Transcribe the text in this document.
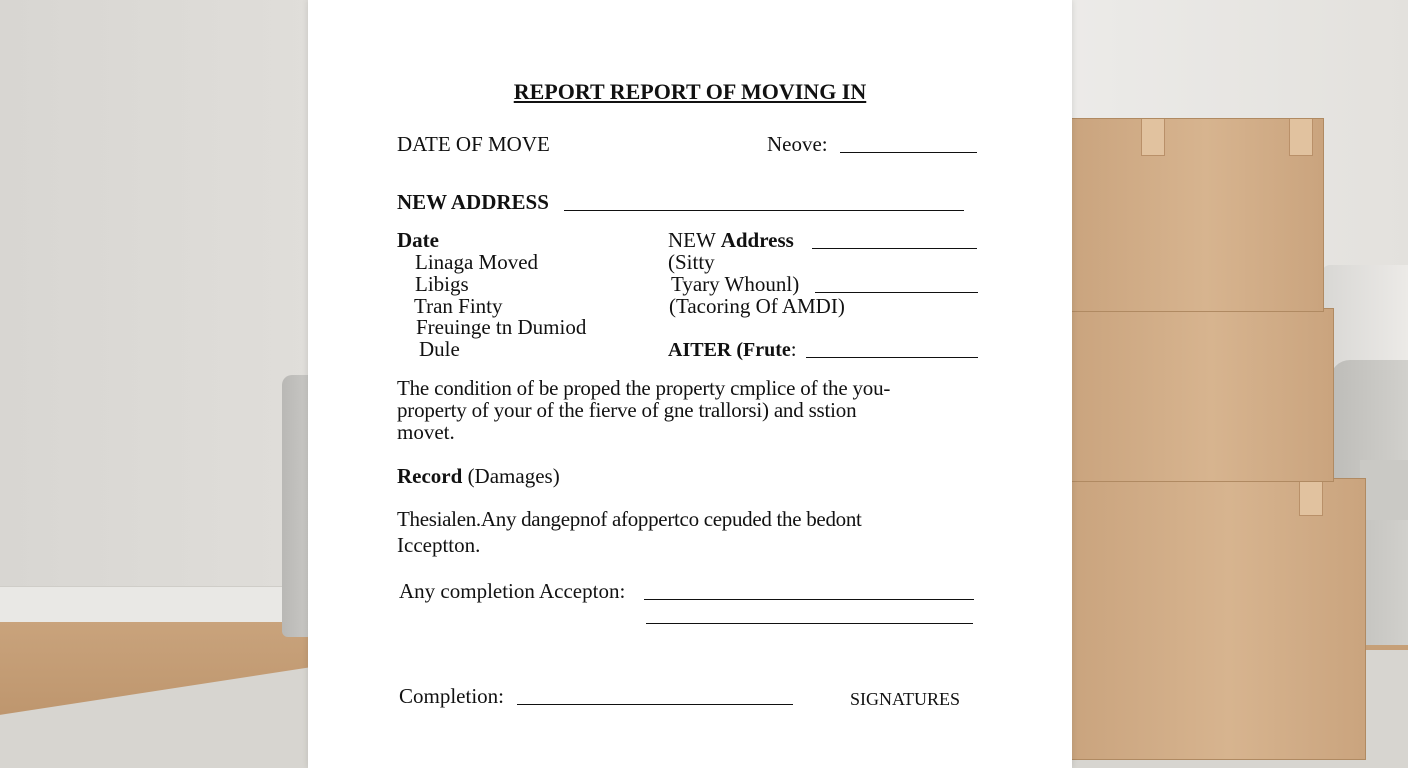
REPORT REPORT OF MOVING IN
DATE OF MOVE	Neove:
NEW ADDRESS
Date
Linaga Moved
Libigs
Tran Finty
Freuinge tn Dumiod
Dule
NEW Address
(Sitty
Tyary Whounl)
(Tacoring Of AMDI)
AITER (Frute:
The condition of be proped the property cmplice of the you-
property of your of the fierve of gne trallorsi) and sstion
movet.
Record (Damages)
Thesialen.Any dangepnof afoppertco cepuded the bedont
Icceptton.
Any completion Accepton:
Completion:	SIGNATURES
